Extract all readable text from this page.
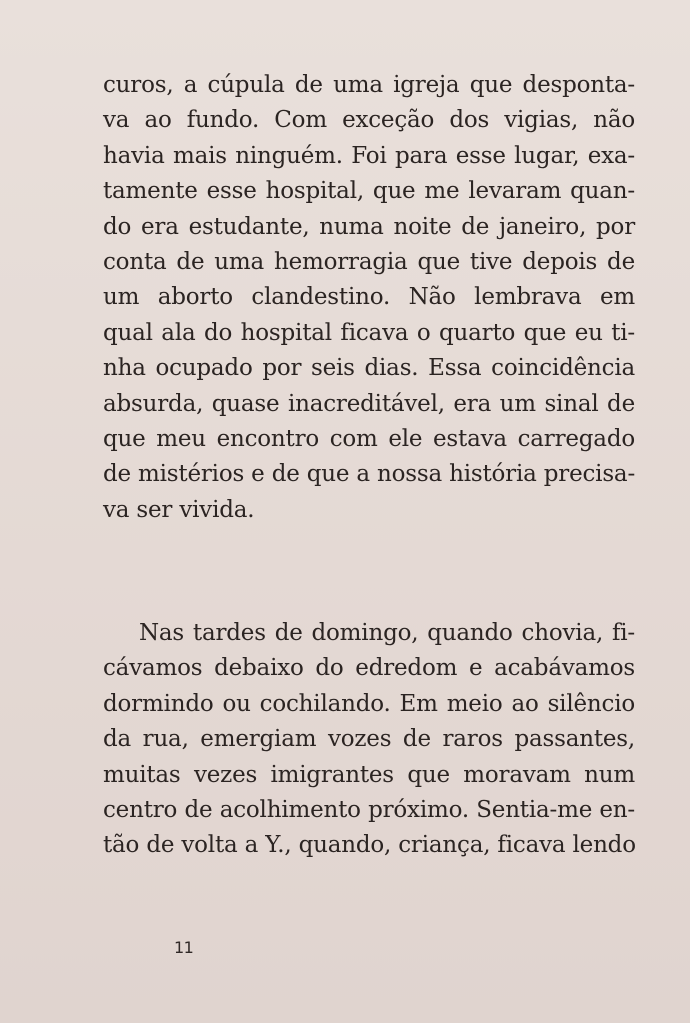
curos, a cúpula de uma igreja que desponta-
va ao fundo. Com exceção dos vigias, não
havia mais ninguém. Foi para esse lugar, exa-
tamente esse hospital, que me levaram quan-
do era estudante, numa noite de janeiro, por
conta de uma hemorragia que tive depois de
um aborto clandestino. Não lembrava em
qual ala do hospital ficava o quarto que eu ti-
nha ocupado por seis dias. Essa coincidência
absurda, quase inacreditável, era um sinal de
que meu encontro com ele estava carregado
de mistérios e de que a nossa história precisa-
va ser vivida.
Nas tardes de domingo, quando chovia, fi-
cávamos debaixo do edredom e acabávamos
dormindo ou cochilando. Em meio ao silêncio
da rua, emergiam vozes de raros passantes,
muitas vezes imigrantes que moravam num
centro de acolhimento próximo. Sentia-me en-
tão de volta a Y., quando, criança, ficava lendo
11
